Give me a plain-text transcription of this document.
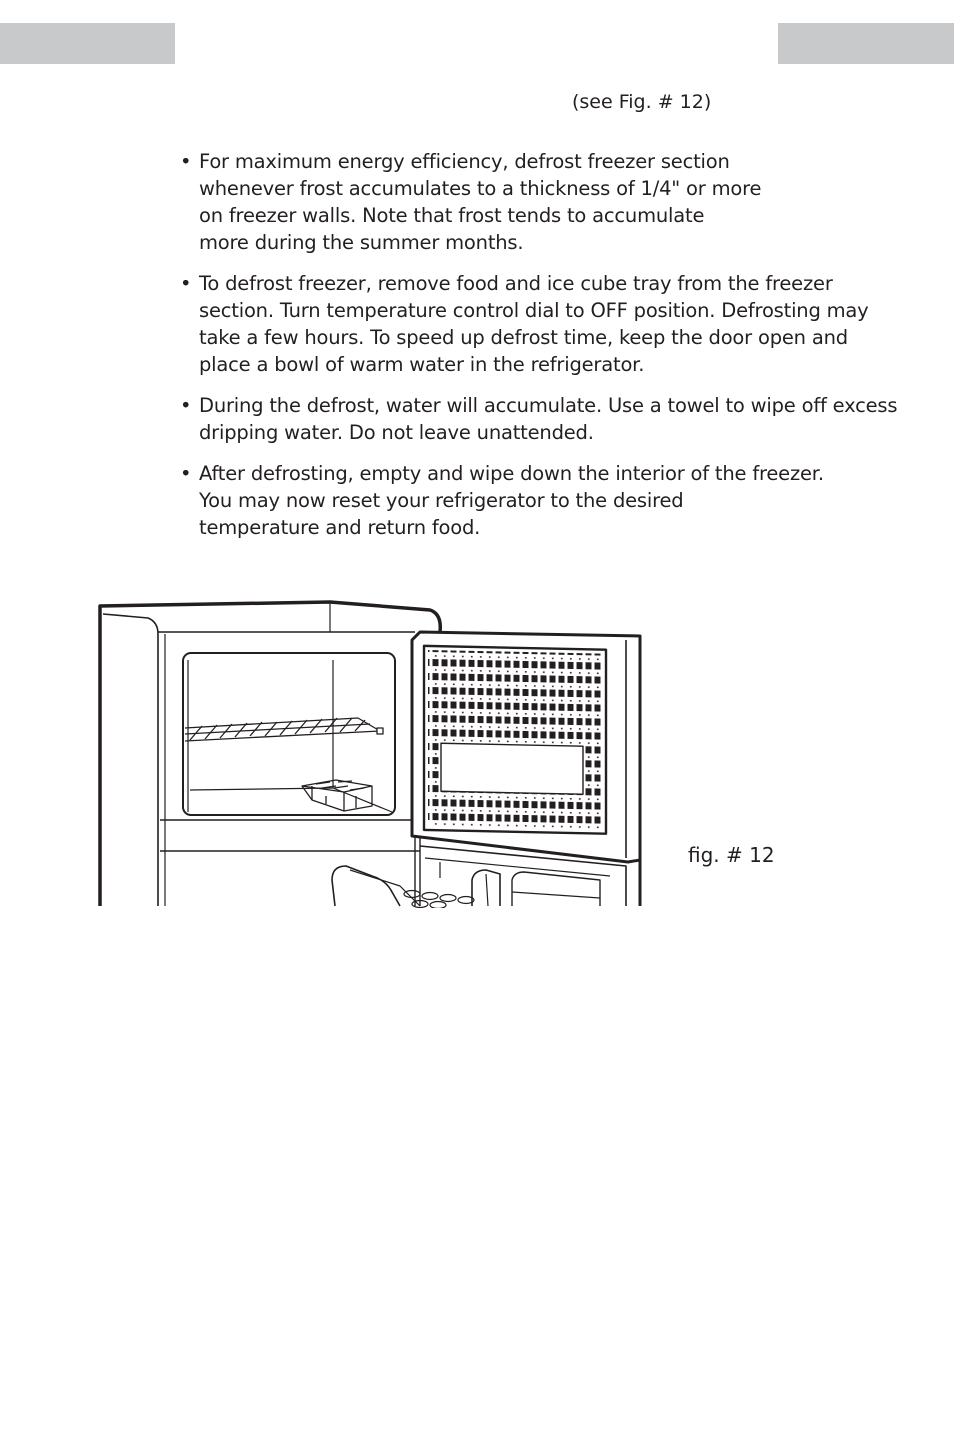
(see Fig. # 12)
• For maximum energy efficiency, defrost freezer section
whenever frost accumulates to a thickness of 1/4" or more
on freezer walls. Note that frost tends to accumulate
more during the summer months.
• To defrost freezer, remove food and ice cube tray from the freezer
section. Turn temperature control dial to OFF position. Defrosting may
take a few hours. To speed up defrost time, keep the door open and
place a bowl of warm water in the refrigerator.
• During the defrost, water will accumulate. Use a towel to wipe off excess
dripping water. Do not leave unattended.
• After defrosting, empty and wipe down the interior of the freezer.
You may now reset your refrigerator to the desired
temperature and return food.
fig. # 12
